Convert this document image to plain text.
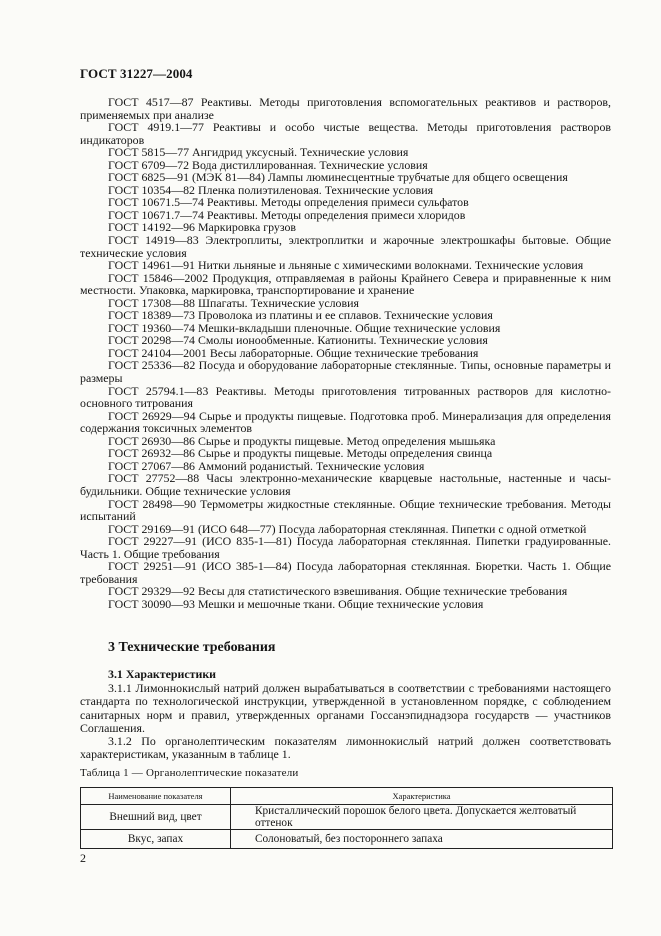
ГОСТ 31227—2004

ГОСТ 4517—87 Реактивы. Методы приготовления вспомогательных реактивов и растворов, применяемых при анализе

ГОСТ 4919.1—77 Реактивы и особо чистые вещества. Методы приготовления растворов индикаторов

ГОСТ 5815—77 Ангидрид уксусный. Технические условия

ГОСТ 6709—72 Вода дистиллированная. Технические условия

ГОСТ 6825—91 (МЭК 81—84) Лампы люминесцентные трубчатые для общего освещения

ГОСТ 10354—82 Пленка полиэтиленовая. Технические условия

ГОСТ 10671.5—74 Реактивы. Методы определения примеси сульфатов

ГОСТ 10671.7—74 Реактивы. Методы определения примеси хлоридов

ГОСТ 14192—96 Маркировка грузов

ГОСТ 14919—83 Электроплиты, электроплитки и жарочные электрошкафы бытовые. Общие технические условия

ГОСТ 14961—91 Нитки льняные и льняные с химическими волокнами. Технические условия

ГОСТ 15846—2002 Продукция, отправляемая в районы Крайнего Севера и приравненные к ним местности. Упаковка, маркировка, транспортирование и хранение

ГОСТ 17308—88 Шпагаты. Технические условия

ГОСТ 18389—73 Проволока из платины и ее сплавов. Технические условия

ГОСТ 19360—74 Мешки-вкладыши пленочные. Общие технические условия

ГОСТ 20298—74 Смолы ионообменные. Катиониты. Технические условия

ГОСТ 24104—2001 Весы лабораторные. Общие технические требования

ГОСТ 25336—82 Посуда и оборудование лабораторные стеклянные. Типы, основные параметры и размеры

ГОСТ 25794.1—83 Реактивы. Методы приготовления титрованных растворов для кислотно-основного титрования

ГОСТ 26929—94 Сырье и продукты пищевые. Подготовка проб. Минерализация для определения содержания токсичных элементов

ГОСТ 26930—86 Сырье и продукты пищевые. Метод определения мышьяка

ГОСТ 26932—86 Сырье и продукты пищевые. Методы определения свинца

ГОСТ 27067—86 Аммоний роданистый. Технические условия

ГОСТ 27752—88 Часы электронно-механические кварцевые настольные, настенные и часы-будильники. Общие технические условия

ГОСТ 28498—90 Термометры жидкостные стеклянные. Общие технические требования. Методы испытаний

ГОСТ 29169—91 (ИСО 648—77) Посуда лабораторная стеклянная. Пипетки с одной отметкой

ГОСТ 29227—91 (ИСО 835-1—81) Посуда лабораторная стеклянная. Пипетки градуированные. Часть 1. Общие требования

ГОСТ 29251—91 (ИСО 385-1—84) Посуда лабораторная стеклянная. Бюретки. Часть 1. Общие требования

ГОСТ 29329—92 Весы для статистического взвешивания. Общие технические требования

ГОСТ 30090—93 Мешки и мешочные ткани. Общие технические условия

3 Технические требования

3.1 Характеристики

3.1.1 Лимоннокислый натрий должен вырабатываться в соответствии с требованиями настоящего стандарта по технологической инструкции, утвержденной в установленном порядке, с соблюдением санитарных норм и правил, утвержденных органами Госсанэпиднадзора государств — участников Соглашения.

3.1.2 По органолептическим показателям лимоннокислый натрий должен соответствовать характеристикам, указанным в таблице 1.

Таблица 1 — Органолептические показатели
Наименование показателя	Характеристика
Внешний вид, цвет	Кристаллический порошок белого цвета. Допускается желтоватый оттенок
Вкус, запах	Солоноватый, без постороннего запаха
2
